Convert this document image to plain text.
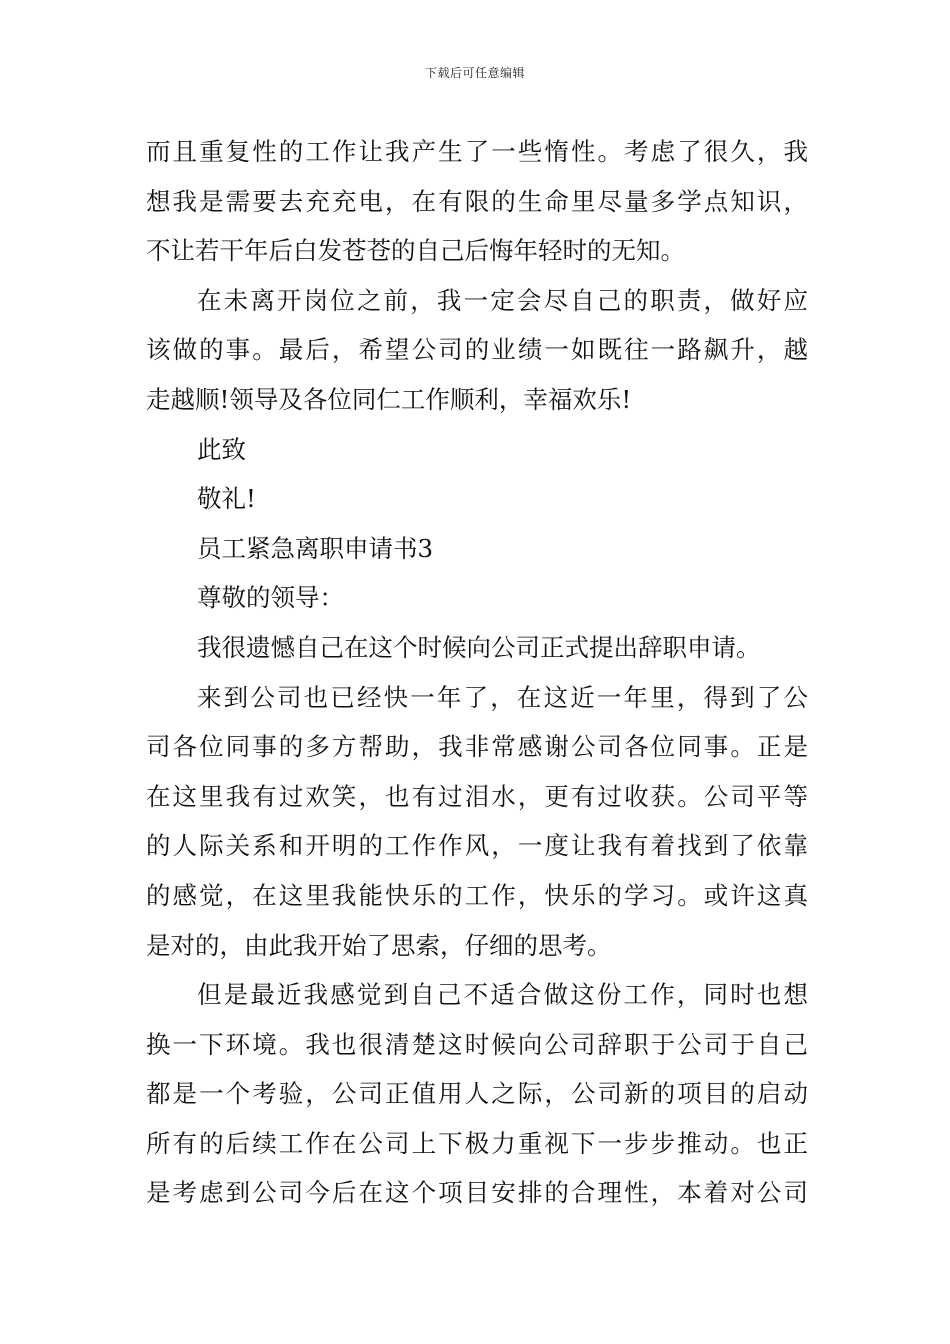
下载后可任意编辑
而且重复性的工作让我产生了一些惰性。考虑了很久，我
想我是需要去充充电，在有限的生命里尽量多学点知识，
不让若干年后白发苍苍的自己后悔年轻时的无知。
在未离开岗位之前，我一定会尽自己的职责，做好应
该做的事。最后，希望公司的业绩一如既往一路飙升，越
走越顺!领导及各位同仁工作顺利，幸福欢乐!
此致
敬礼!
员工紧急离职申请书3
尊敬的领导：
我很遗憾自己在这个时候向公司正式提出辞职申请。
来到公司也已经快一年了，在这近一年里，得到了公
司各位同事的多方帮助，我非常感谢公司各位同事。正是
在这里我有过欢笑，也有过泪水，更有过收获。公司平等
的人际关系和开明的工作作风，一度让我有着找到了依靠
的感觉，在这里我能快乐的工作，快乐的学习。或许这真
是对的，由此我开始了思索，仔细的思考。
但是最近我感觉到自己不适合做这份工作，同时也想
换一下环境。我也很清楚这时候向公司辞职于公司于自己
都是一个考验，公司正值用人之际，公司新的项目的启动
所有的后续工作在公司上下极力重视下一步步推动。也正
是考虑到公司今后在这个项目安排的合理性，本着对公司
